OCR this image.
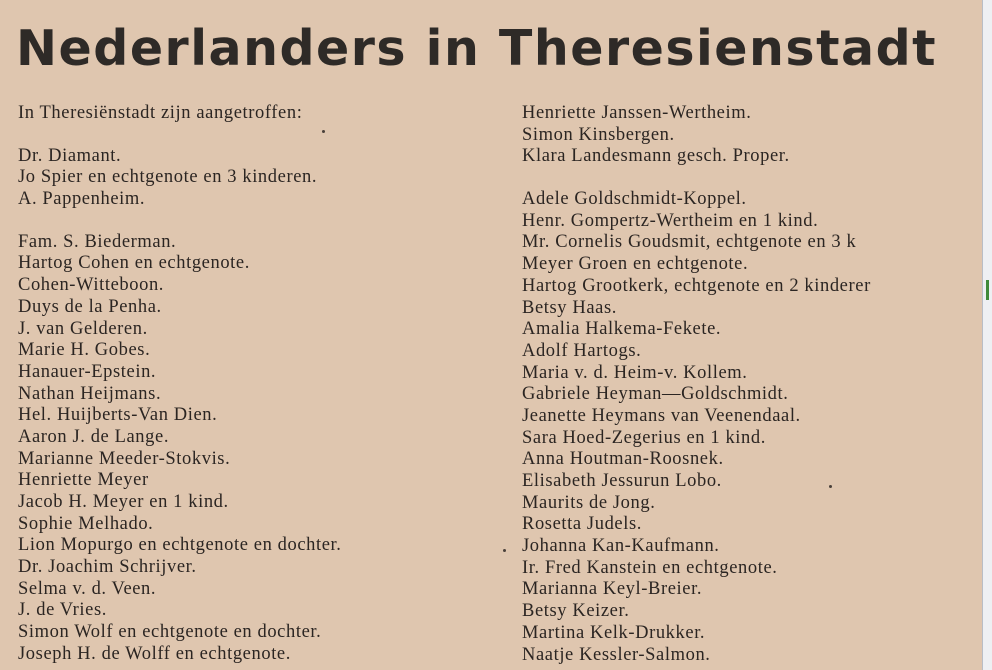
Nederlanders in Theresienstadt
In Theresiënstadt zijn aangetroffen:
Dr. Diamant.
Jo Spier en echtgenote en 3 kinderen.
A. Pappenheim.
Fam. S. Biederman.
Hartog Cohen en echtgenote.
Cohen-Witteboon.
Duys de la Penha.
J. van Gelderen.
Marie H. Gobes.
Hanauer-Epstein.
Nathan Heijmans.
Hel. Huijberts-Van Dien.
Aaron J. de Lange.
Marianne Meeder-Stokvis.
Henriette Meyer
Jacob H. Meyer en 1 kind.
Sophie Melhado.
Lion Mopurgo en echtgenote en dochter.
Dr. Joachim Schrijver.
Selma v. d. Veen.
J. de Vries.
Simon Wolf en echtgenote en dochter.
Joseph H. de Wolff en echtgenote.
Henriette Janssen-Wertheim.
Simon Kinsbergen.
Klara Landesmann gesch. Proper.
Adele Goldschmidt-Koppel.
Henr. Gompertz-Wertheim en 1 kind.
Mr. Cornelis Goudsmit, echtgenote en 3 k
Meyer Groen en echtgenote.
Hartog Grootkerk, echtgenote en 2 kinderer
Betsy Haas.
Amalia Halkema-Fekete.
Adolf Hartogs.
Maria v. d. Heim-v. Kollem.
Gabriele Heyman—Goldschmidt.
Jeanette Heymans van Veenendaal.
Sara Hoed-Zegerius en 1 kind.
Anna Houtman-Roosnek.
Elisabeth Jessurun Lobo.
Maurits de Jong.
Rosetta Judels.
Johanna Kan-Kaufmann.
Ir. Fred Kanstein en echtgenote.
Marianna Keyl-Breier.
Betsy Keizer.
Martina Kelk-Drukker.
Naatje Kessler-Salmon.
